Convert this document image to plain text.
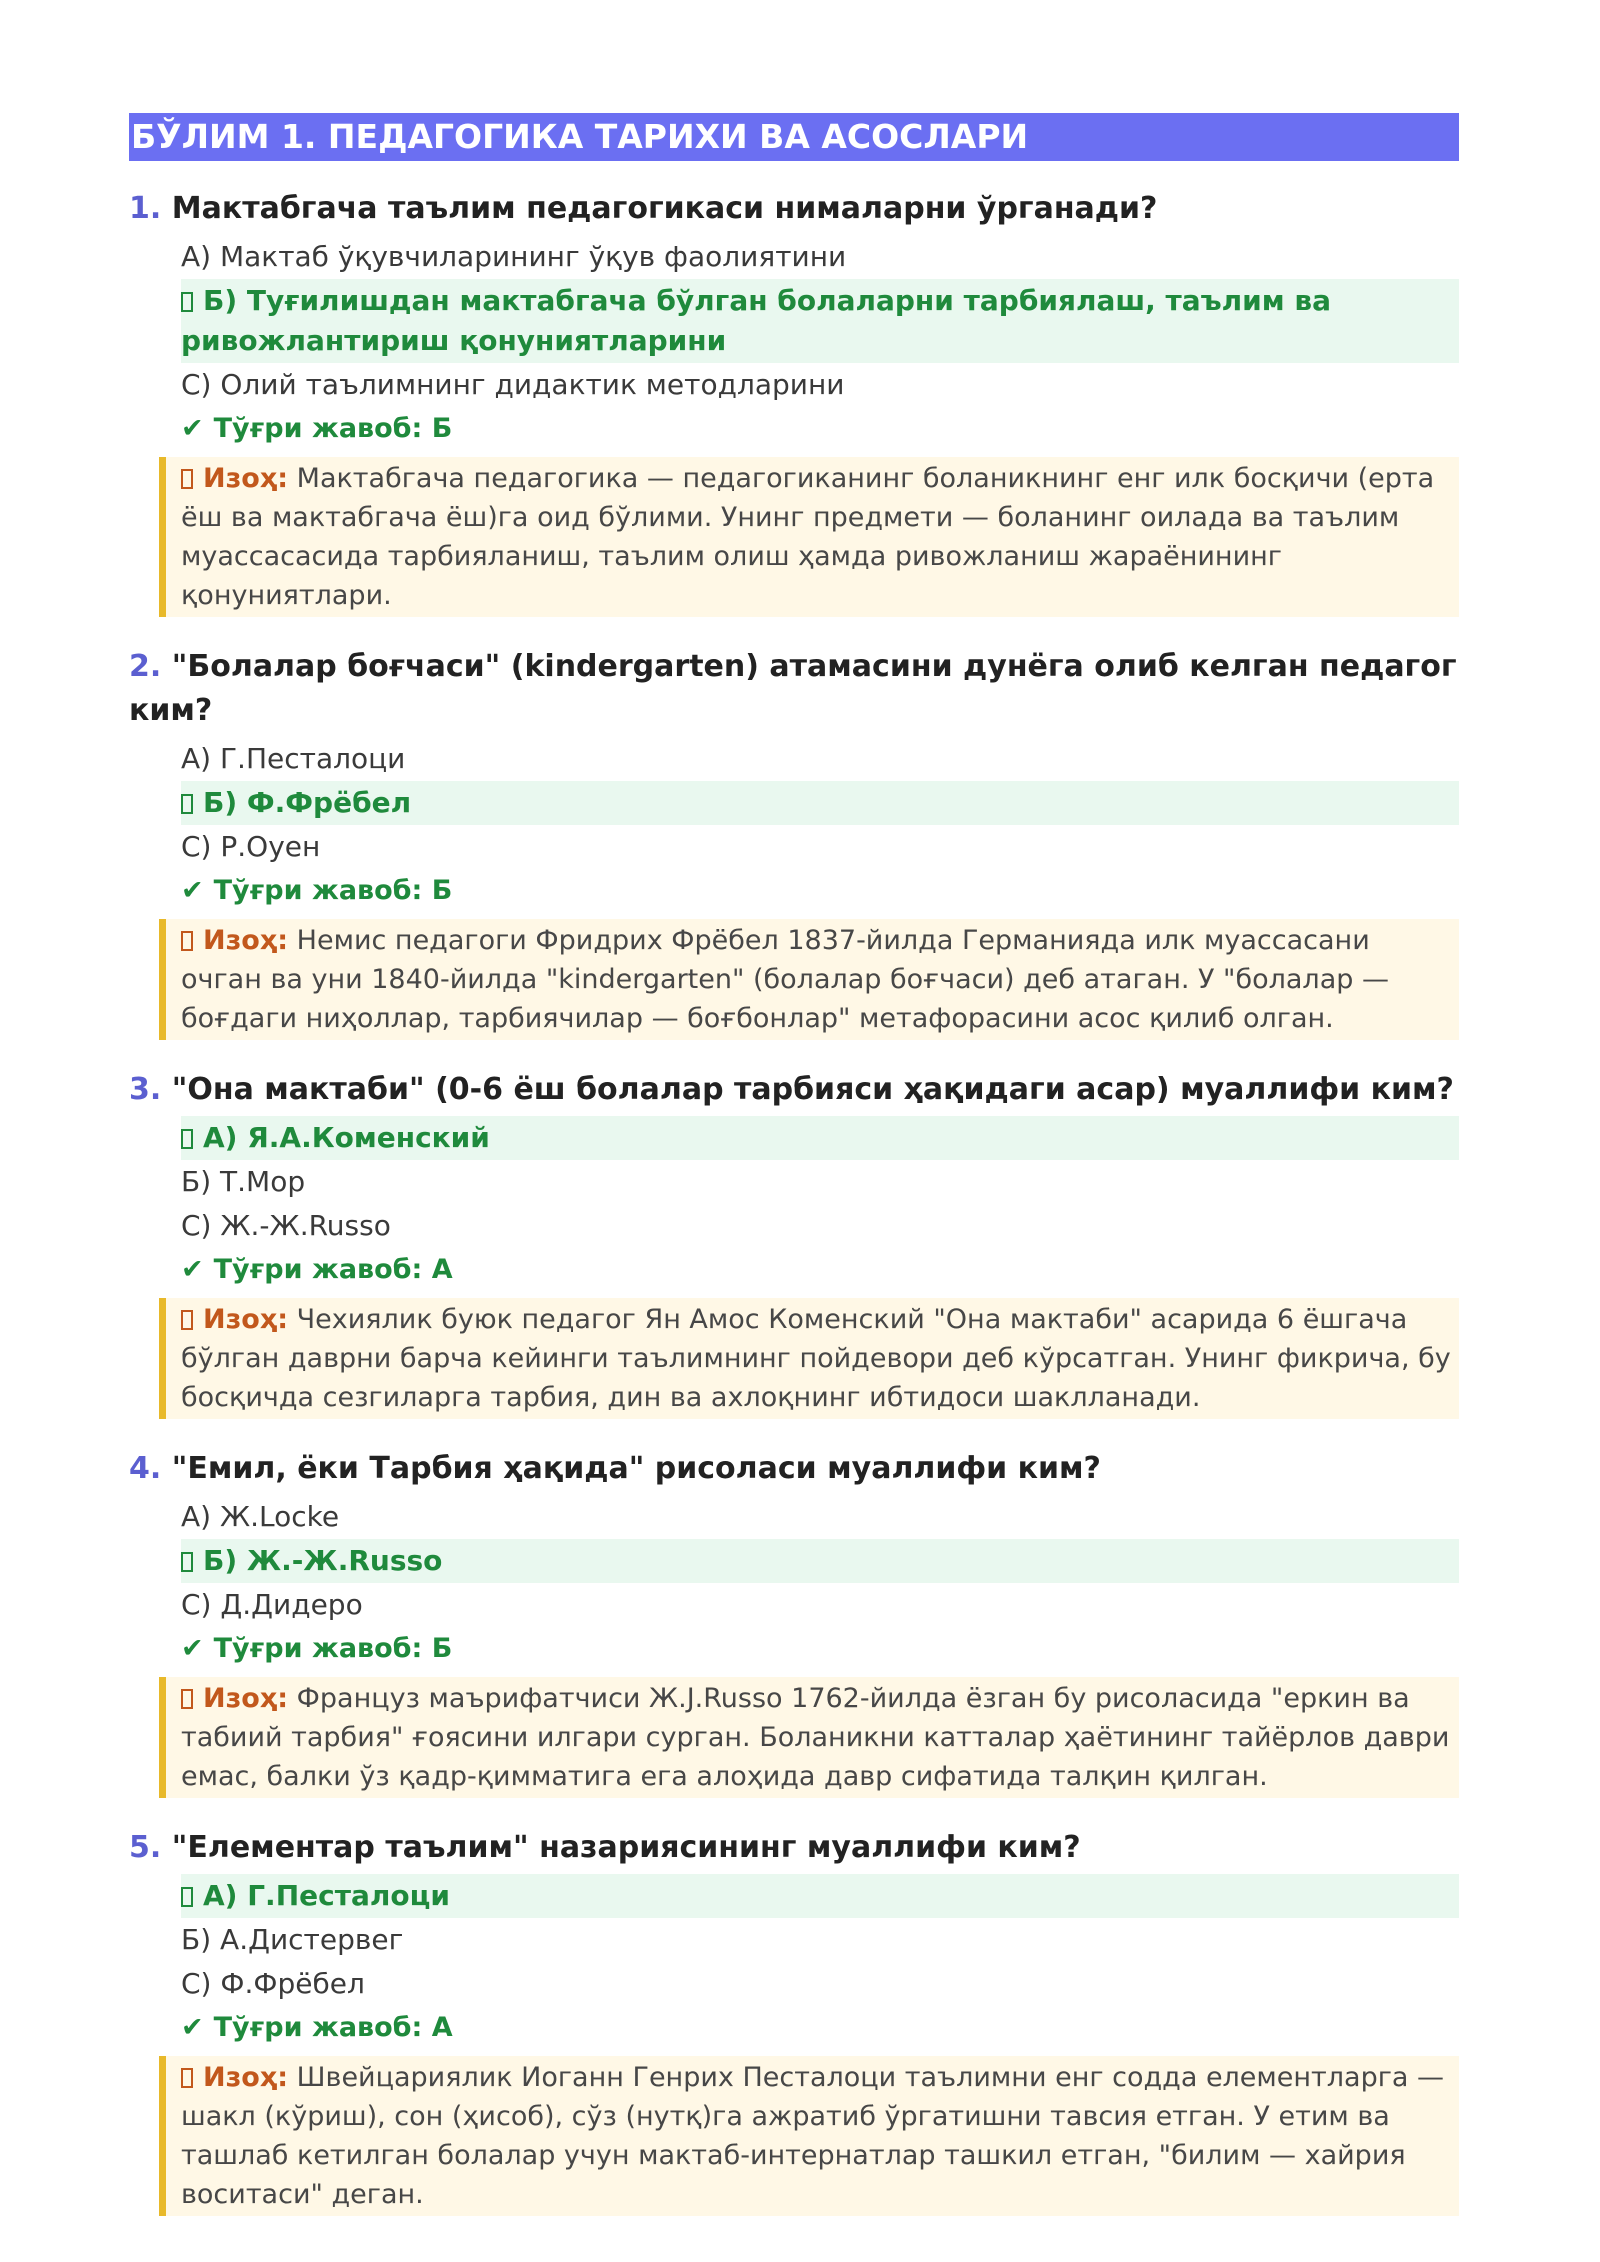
БЎЛИМ 1. ПЕДАГОГИКА ТАРИХИ ВА АСОСЛАРИ
1. Мактабгача таълим педагогикаси нималарни ўрганади?
А) Мактаб ўқувчиларининг ўқув фаолиятини
Б) Туғилишдан мактабгача бўлган болаларни тарбиялаш, таълим ва ривожлантириш қонуниятларини
С) Олий таълимнинг дидактик методларини
✔ Тўғри жавоб: Б
Изоҳ: Мактабгача педагогика — педагогиканинг боланикнинг енг илк босқичи (ерта ёш ва мактабгача ёш)га оид бўлими. Унинг предмети — боланинг оилада ва таълим муассасасида тарбияланиш, таълим олиш ҳамда ривожланиш жараёнининг қонуниятлари.
2. "Болалар боғчаси" (kindergarten) атамасини дунёга олиб келган педагог ким?
А) Г.Песталоци
Б) Ф.Фрёбел
С) Р.Оуен
✔ Тўғри жавоб: Б
Изоҳ: Немис педагоги Фридрих Фрёбел 1837-йилда Германияда илк муассасани очган ва уни 1840-йилда "kindergarten" (болалар боғчаси) деб атаган. У "болалар — боғдаги ниҳоллар, тарбиячилар — боғбонлар" метафорасини асос қилиб олган.
3. "Она мактаби" (0-6 ёш болалар тарбияси ҳақидаги асар) муаллифи ким?
А) Я.А.Коменский
Б) Т.Мор
С) Ж.-Ж.Russo
✔ Тўғри жавоб: А
Изоҳ: Чехиялик буюк педагог Ян Амос Коменский "Она мактаби" асарида 6 ёшгача бўлган даврни барча кейинги таълимнинг пойдевори деб кўрсатган. Унинг фикрича, бу босқичда сезгиларга тарбия, дин ва ахлоқнинг ибтидоси шаклланади.
4. "Емил, ёки Тарбия ҳақида" рисоласи муаллифи ким?
А) Ж.Locke
Б) Ж.-Ж.Russo
С) Д.Дидеро
✔ Тўғри жавоб: Б
Изоҳ: Француз маърифатчиси Ж.J.Russo 1762-йилда ёзган бу рисоласида "еркин ва табиий тарбия" ғоясини илгари сурган. Боланикни катталар ҳаётининг тайёрлов даври емас, балки ўз қадр-қимматига ега алоҳида давр сифатида талқин қилган.
5. "Елементар таълим" назариясининг муаллифи ким?
А) Г.Песталоци
Б) А.Дистервег
С) Ф.Фрёбел
✔ Тўғри жавоб: А
Изоҳ: Швейцариялик Иоганн Генрих Песталоци таълимни енг содда елементларга — шакл (кўриш), сон (ҳисоб), сўз (нутқ)га ажратиб ўргатишни тавсия етган. У етим ва ташлаб кетилган болалар учун мактаб-интернатлар ташкил етган, "билим — хайрия воситаси" деган.
